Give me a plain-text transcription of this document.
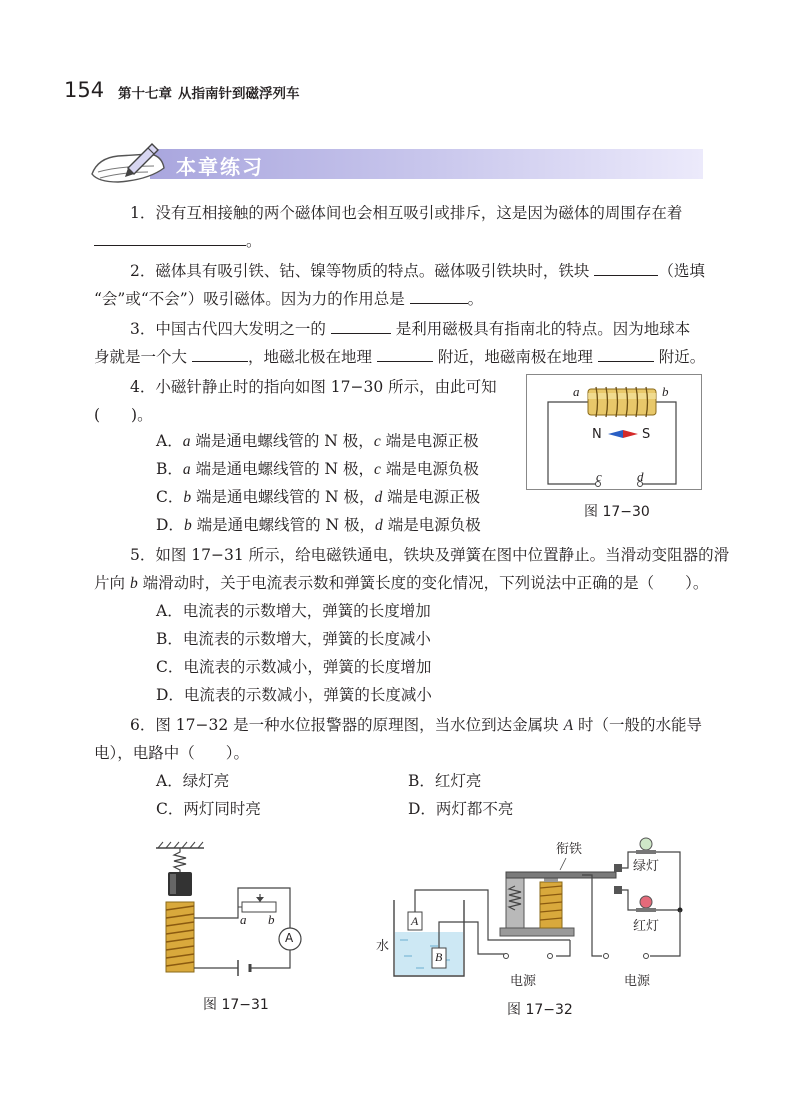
154 第十七章 从指南针到磁浮列车
本章练习
1．没有互相接触的两个磁体间也会相互吸引或排斥，这是因为磁体的周围存在着
。
2．磁体具有吸引铁、钴、镍等物质的特点。磁体吸引铁块时，铁块	（选填
“会”或“不会”）吸引磁体。因为力的作用总是	。
3．中国古代四大发明之一的	是利用磁极具有指南北的特点。因为地球本
身就是一个大	，地磁北极在地理	附近，地磁南极在地理	附近。
4．小磁针静止时的指向如图 17−30 所示，由此可知
(　　)。
A．a 端是通电螺线管的 N 极，c 端是电源正极
B．a 端是通电螺线管的 N 极，c 端是电源负极
C．b 端是通电螺线管的 N 极，d 端是电源正极
D．b 端是通电螺线管的 N 极，d 端是电源负极
a	b
N	S
c	d
图 17−30
5．如图 17−31 所示，给电磁铁通电，铁块及弹簧在图中位置静止。当滑动变阻器的滑
片向 b 端滑动时，关于电流表示数和弹簧长度的变化情况，下列说法中正确的是（　　）。
A．电流表的示数增大，弹簧的长度增加
B．电流表的示数增大，弹簧的长度减小
C．电流表的示数减小，弹簧的长度增加
D．电流表的示数减小，弹簧的长度减小
6．图 17−32 是一种水位报警器的原理图，当水位到达金属块 A 时（一般的水能导
电），电路中（　　）。
A．绿灯亮	B．红灯亮
C．两灯同时亮	D．两灯都不亮
a b
A
图 17−31
衔铁
绿灯
红灯
水
A
B
电源	电源
图 17−32
